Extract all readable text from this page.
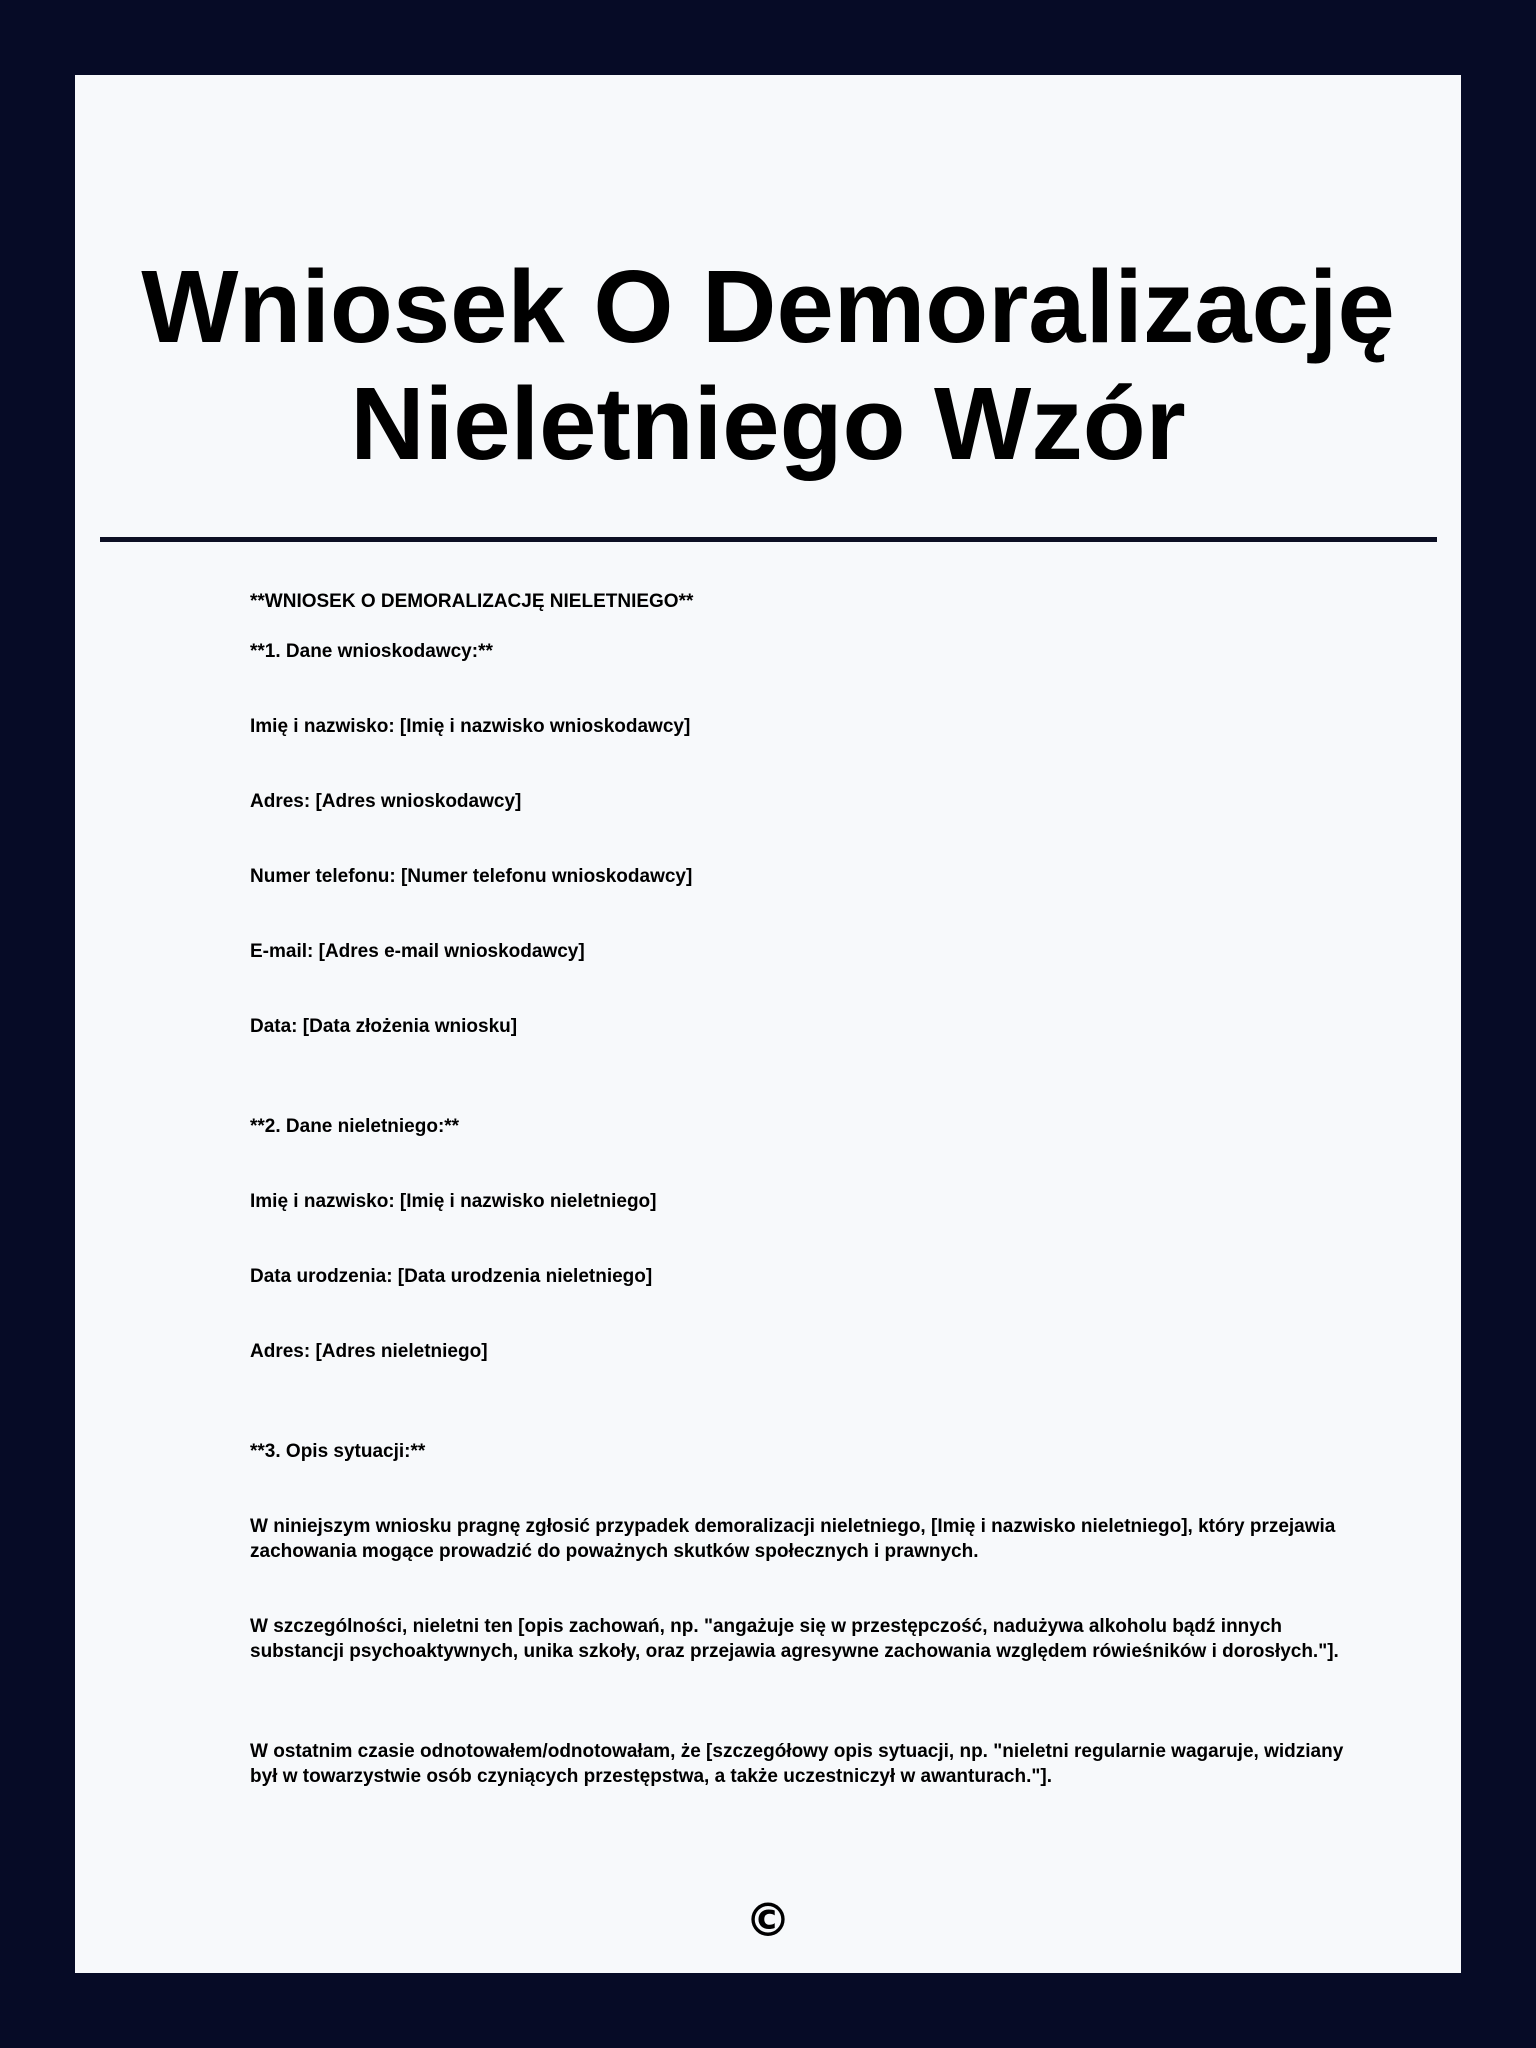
Wniosek O Demoralizację
Nieletniego Wzór

**WNIOSEK O DEMORALIZACJĘ NIELETNIEGO**

**1. Dane wnioskodawcy:**

Imię i nazwisko: [Imię i nazwisko wnioskodawcy]

Adres: [Adres wnioskodawcy]

Numer telefonu: [Numer telefonu wnioskodawcy]

E-mail: [Adres e-mail wnioskodawcy]

Data: [Data złożenia wniosku]

**2. Dane nieletniego:**

Imię i nazwisko: [Imię i nazwisko nieletniego]

Data urodzenia: [Data urodzenia nieletniego]

Adres: [Adres nieletniego]

**3. Opis sytuacji:**

W niniejszym wniosku pragnę zgłosić przypadek demoralizacji nieletniego, [Imię i nazwisko nieletniego], który przejawia zachowania mogące prowadzić do poważnych skutków społecznych i prawnych.

W szczególności, nieletni ten [opis zachowań, np. "angażuje się w przestępczość, nadużywa alkoholu bądź innych substancji psychoaktywnych, unika szkoły, oraz przejawia agresywne zachowania względem rówieśników i dorosłych."].

W ostatnim czasie odnotowałem/odnotowałam, że [szczegółowy opis sytuacji, np. "nieletni regularnie wagaruje, widziany był w towarzystwie osób czyniących przestępstwa, a także uczestniczył w awanturach."].

©
